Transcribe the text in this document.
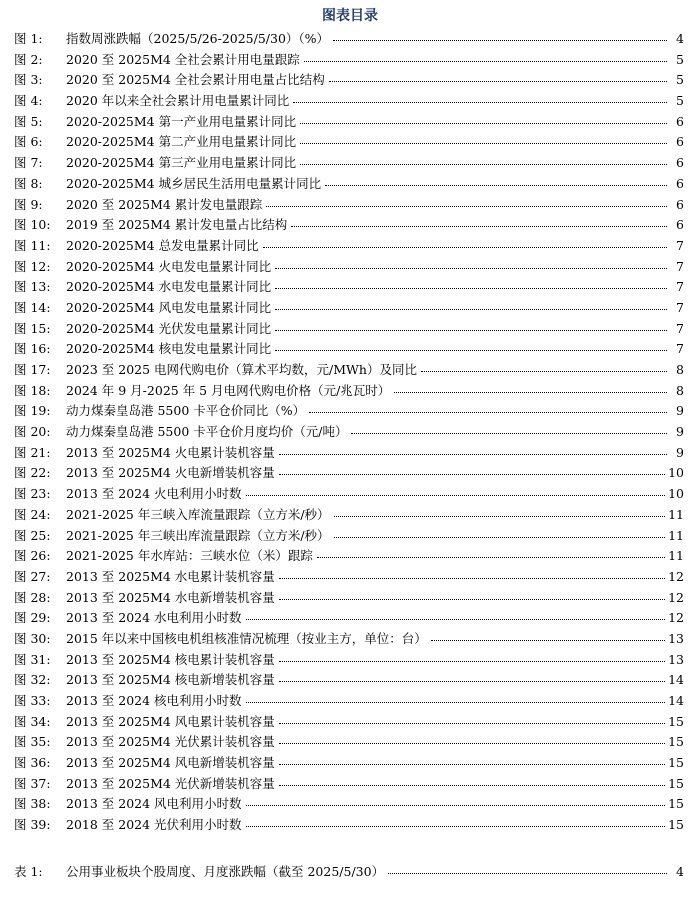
图表目录
图 1:	指数周涨跌幅（2025/5/26-2025/5/30）（%）	4
图 2:	2020 至 2025M4 全社会累计用电量跟踪	5
图 3:	2020 至 2025M4 全社会累计用电量占比结构	5
图 4:	2020 年以来全社会累计用电量累计同比	5
图 5:	2020-2025M4 第一产业用电量累计同比	6
图 6:	2020-2025M4 第二产业用电量累计同比	6
图 7:	2020-2025M4 第三产业用电量累计同比	6
图 8:	2020-2025M4 城乡居民生活用电量累计同比	6
图 9:	2020 至 2025M4 累计发电量跟踪	6
图 10:	2019 至 2025M4 累计发电量占比结构	6
图 11:	2020-2025M4 总发电量累计同比	7
图 12:	2020-2025M4 火电发电量累计同比	7
图 13:	2020-2025M4 水电发电量累计同比	7
图 14:	2020-2025M4 风电发电量累计同比	7
图 15:	2020-2025M4 光伏发电量累计同比	7
图 16:	2020-2025M4 核电发电量累计同比	7
图 17:	2023 至 2025 电网代购电价（算术平均数，元/MWh）及同比	8
图 18:	2024 年 9 月-2025 年 5 月电网代购电价格（元/兆瓦时）	8
图 19:	动力煤秦皇岛港 5500 卡平仓价同比（%）	9
图 20:	动力煤秦皇岛港 5500 卡平仓价月度均价（元/吨）	9
图 21:	2013 至 2025M4 火电累计装机容量	9
图 22:	2013 至 2025M4 火电新增装机容量	10
图 23:	2013 至 2024 火电利用小时数	10
图 24:	2021-2025 年三峡入库流量跟踪（立方米/秒）	11
图 25:	2021-2025 年三峡出库流量跟踪（立方米/秒）	11
图 26:	2021-2025 年水库站：三峡水位（米）跟踪	11
图 27:	2013 至 2025M4 水电累计装机容量	12
图 28:	2013 至 2025M4 水电新增装机容量	12
图 29:	2013 至 2024 水电利用小时数	12
图 30:	2015 年以来中国核电机组核准情况梳理（按业主方，单位：台）	13
图 31:	2013 至 2025M4 核电累计装机容量	13
图 32:	2013 至 2025M4 核电新增装机容量	14
图 33:	2013 至 2024 核电利用小时数	14
图 34:	2013 至 2025M4 风电累计装机容量	15
图 35:	2013 至 2025M4 光伏累计装机容量	15
图 36:	2013 至 2025M4 风电新增装机容量	15
图 37:	2013 至 2025M4 光伏新增装机容量	15
图 38:	2013 至 2024 风电利用小时数	15
图 39:	2018 至 2024 光伏利用小时数	15
表 1:	公用事业板块个股周度、月度涨跌幅（截至 2025/5/30）	4
